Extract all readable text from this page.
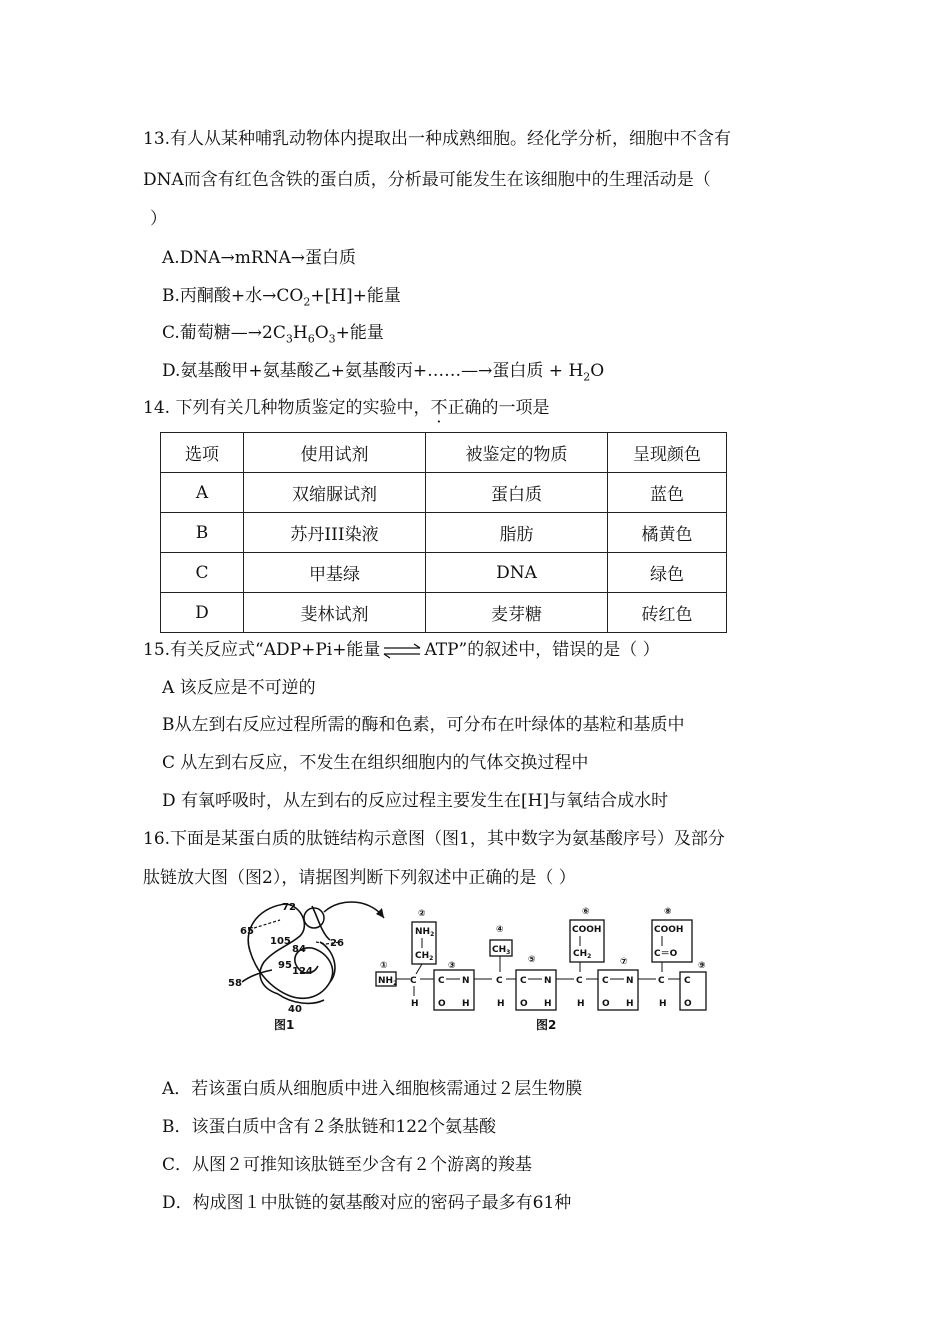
13.有人从某种哺乳动物体内提取出一种成熟细胞。经化学分析，细胞中不含有
DNA而含有红色含铁的蛋白质，分析最可能发生在该细胞中的生理活动是（
）
A.DNA→mRNA→蛋白质
B.丙酮酸+水$\to CO_2+[H]+$能量
C.葡萄糖$—\to 2C_3H_6O_3+$能量
D.氨基酸甲+氨基酸乙+氨基酸丙+……—→蛋白质 + $H_2O$
14. 下列有关几种物质鉴定的实验中，不正确的一项是
选项	使用试剂	被鉴定的物质	呈现颜色
A	双缩脲试剂	蛋白质	蓝色
B	苏丹III染液	脂肪	橘黄色
C	甲基绿	DNA	绿色
D	斐林试剂	麦芽糖	砖红色
15.有关反应式“ADP+Pi+能量 ⇌ ATP”的叙述中，错误的是（ ）
A 该反应是不可逆的
B从左到右反应过程所需的酶和色素，可分布在叶绿体的基粒和基质中
C 从左到右反应，不发生在组织细胞内的气体交换过程中
D 有氧呼吸时，从左到右的反应过程主要发生在[H]与氧结合成水时
16.下面是某蛋白质的肽链结构示意图（图1，其中数字为氨基酸序号）及部分
肽链放大图（图2），请据图判断下列叙述中正确的是（ ）
72
65
105
84
26
95
124
58
40
图1	图2
①
$NH_2$ C
H
②
$NH_2$
$CH_2$
③
C N
O H
④
$CH_3$
C
H
⑤
C N
O H
⑥
COOH
$CH_2$
C
H
⑦
C N
O H
⑧
COOH
C＝O
C
H
⑨
C
O
A．若该蛋白质从细胞质中进入细胞核需通过２层生物膜
B．该蛋白质中含有２条肽链和122个氨基酸
C．从图２可推知该肽链至少含有２个游离的羧基
D．构成图１中肽链的氨基酸对应的密码子最多有61种
